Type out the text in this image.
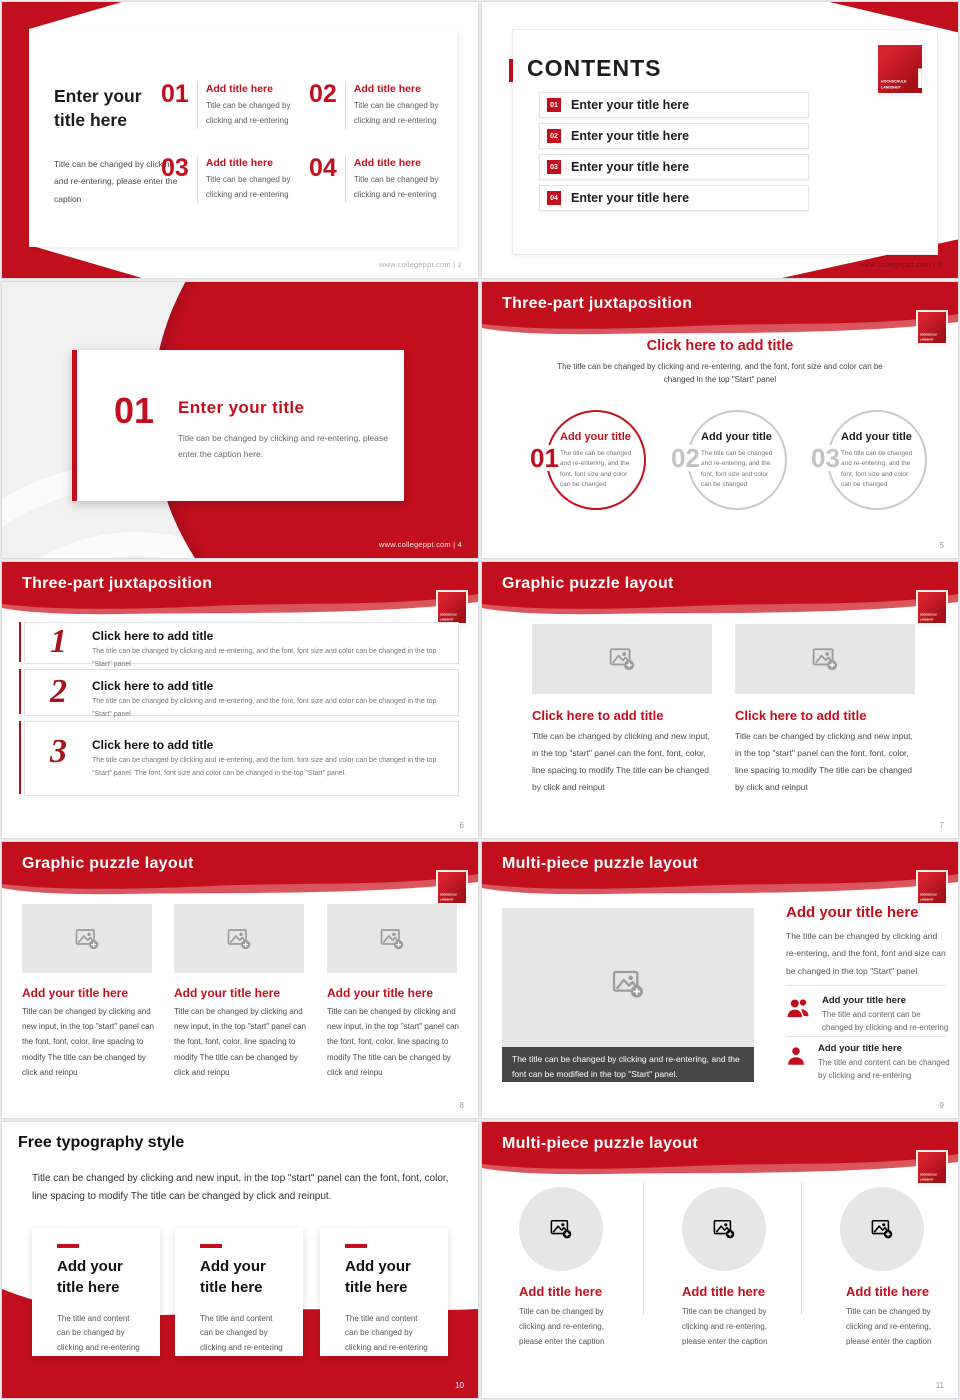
Enter your title here
Title can be changed by clicking and re-entering, please enter the caption
01 Add title here
Title can be changed by clicking and re-entering
02 Add title here
Title can be changed by clicking and re-entering
03 Add title here
Title can be changed by clicking and re-entering
04 Add title here
Title can be changed by clicking and re-entering
www.collegeppt.com | 2
CONTENTS
HOCHSCHULE
LANDSHUT h
01 Enter your title here
02 Enter your title here
03 Enter your title here
04 Enter your title here
www.collegeppt.com | 3
01 Enter your title
Title can be changed by clicking and re-entering, please enter the caption here.
www.collegeppt.com | 4
Three-part juxtaposition
HOCHSCHULE
LANDSHUT h
Click here to add title
The title can be changed by clicking and re-entering, and the font, font size and color can be changed in the top "Start" panel
01
Add your title
The title can be changed and re-entering, and the font, font size and color can be changed
02
Add your title
The title can be changed and re-entering, and the font, font size and color can be changed
03
Add your title
The title can be changed and re-entering, and the font, font size and color can be changed
5
Three-part juxtaposition
HOCHSCHULE
LANDSHUT h
1 Click here to add title
The title can be changed by clicking and re-entering, and the font, font size and color can be changed in the top "Start" panel
2 Click here to add title
The title can be changed by clicking and re-entering, and the font, font size and color can be changed in the top "Start" panel
3 Click here to add title
The title can be changed by clicking and re-entering, and the font, font size and color can be changed in the top "Start" panel. The font, font size and color can be changed in the top "Start" panel.
6
Graphic puzzle layout
HOCHSCHULE
LANDSHUT h
Click here to add title
Title can be changed by clicking and new input, in the top "start" panel can the font, font, color, line spacing to modify The title can be changed by click and reinput
Click here to add title
Title can be changed by clicking and new input, in the top "start" panel can the font, font, color, line spacing to modify The title can be changed by click and reinput
7
Graphic puzzle layout
HOCHSCHULE
LANDSHUT h
Add your title here
Title can be changed by clicking and new input, in the top "start" panel can the font, font, color, line spacing to modify The title can be changed by click and reinpu
Add your title here
Title can be changed by clicking and new input, in the top "start" panel can the font, font, color, line spacing to modify The title can be changed by click and reinpu
Add your title here
Title can be changed by clicking and new input, in the top "start" panel can the font, font, color, line spacing to modify The title can be changed by click and reinpu
8
Multi-piece puzzle layout
HOCHSCHULE
LANDSHUT h
The title can be changed by clicking and re-entering, and the font can be modified in the top "Start" panel.
Add your title here
The title can be changed by clicking and re-entering, and the font, font and size can be changed in the top "Start" panel
Add your title here
The title and content can be changed by clicking and re-entering
Add your title here
The title and content can be changed by clicking and re-entering
9
Free typography style
Title can be changed by clicking and new input, in the top "start" panel can the font, font, color, line spacing to modify The title can be changed by click and reinput.
Add your title here
The title and content can be changed by clicking and re-entering
Add your title here
The title and content can be changed by clicking and re-entering
Add your title here
The title and content can be changed by clicking and re-entering
10
Multi-piece puzzle layout
HOCHSCHULE
LANDSHUT h
Add title here
Title can be changed by clicking and re-entering, please enter the caption
Add title here
Title can be changed by clicking and re-entering, please enter the caption
Add title here
Title can be changed by clicking and re-entering, please enter the caption
11
